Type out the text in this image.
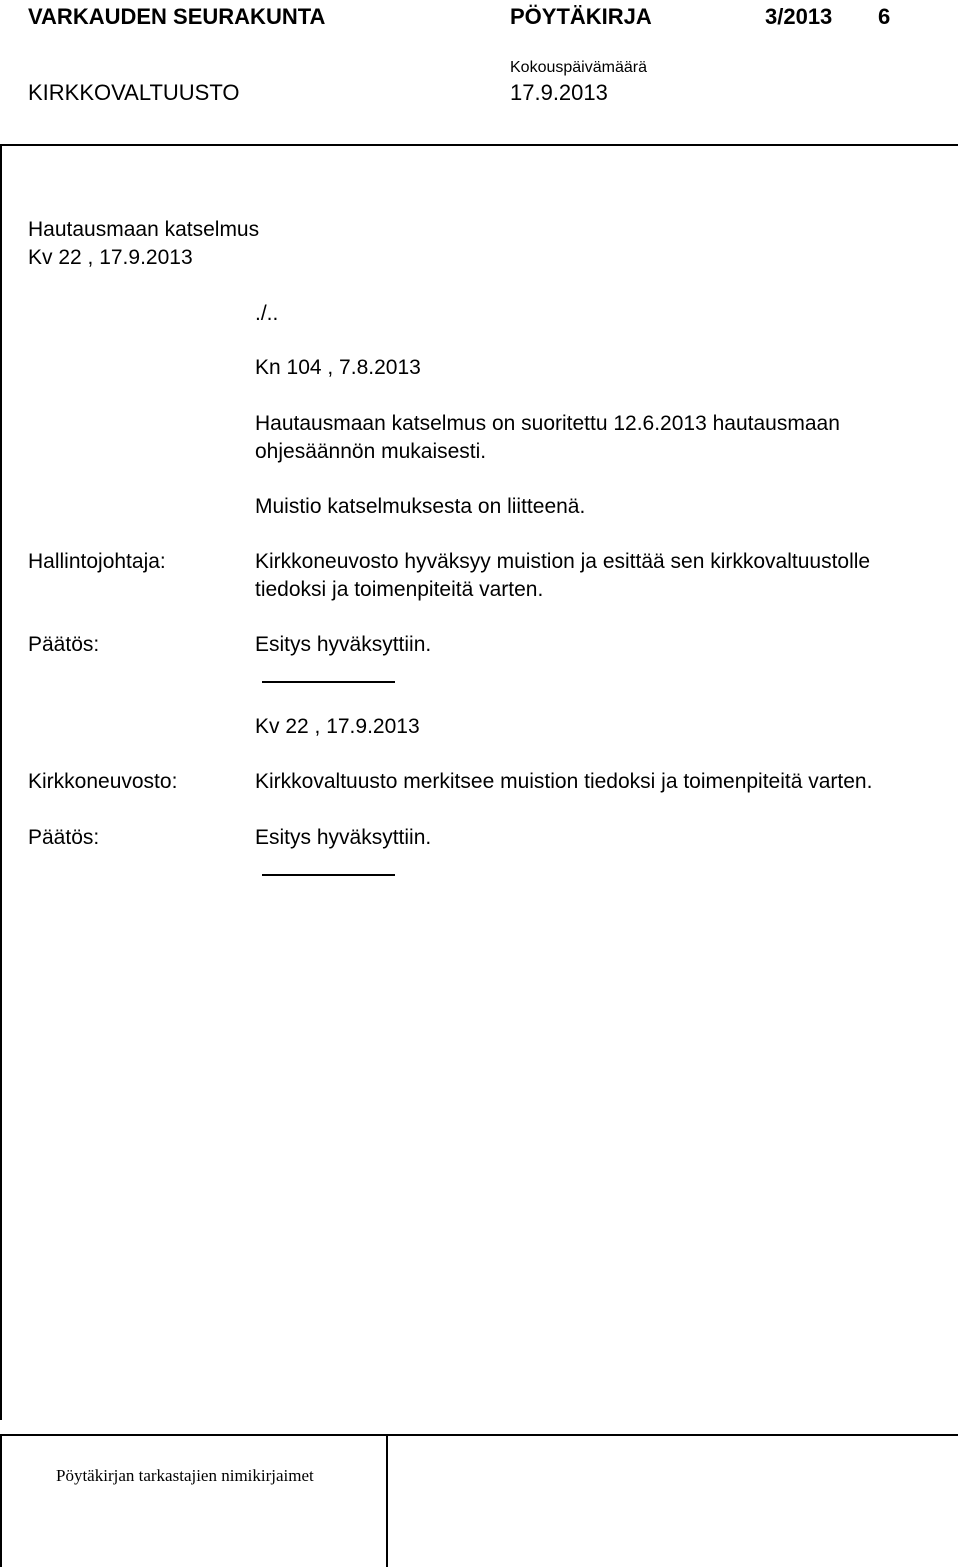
VARKAUDEN SEURAKUNTA	PÖYTÄKIRJA	3/2013 6
Kokouspäivämäärä
KIRKKOVALTUUSTO	17.9.2013
Hautausmaan katselmus
Kv 22 , 17.9.2013
./..
Kn 104 , 7.8.2013
Hautausmaan katselmus on suoritettu 12.6.2013 hautausmaan
ohjesäännön mukaisesti.
Muistio katselmuksesta on liitteenä.
Hallintojohtaja:	Kirkkoneuvosto hyväksyy muistion ja esittää sen kirkkovaltuustolle
tiedoksi ja toimenpiteitä varten.
Päätös:	Esitys hyväksyttiin.
Kv 22 , 17.9.2013
Kirkkoneuvosto:	Kirkkovaltuusto merkitsee muistion tiedoksi ja toimenpiteitä varten.
Päätös:	Esitys hyväksyttiin.
Pöytäkirjan tarkastajien nimikirjaimet
